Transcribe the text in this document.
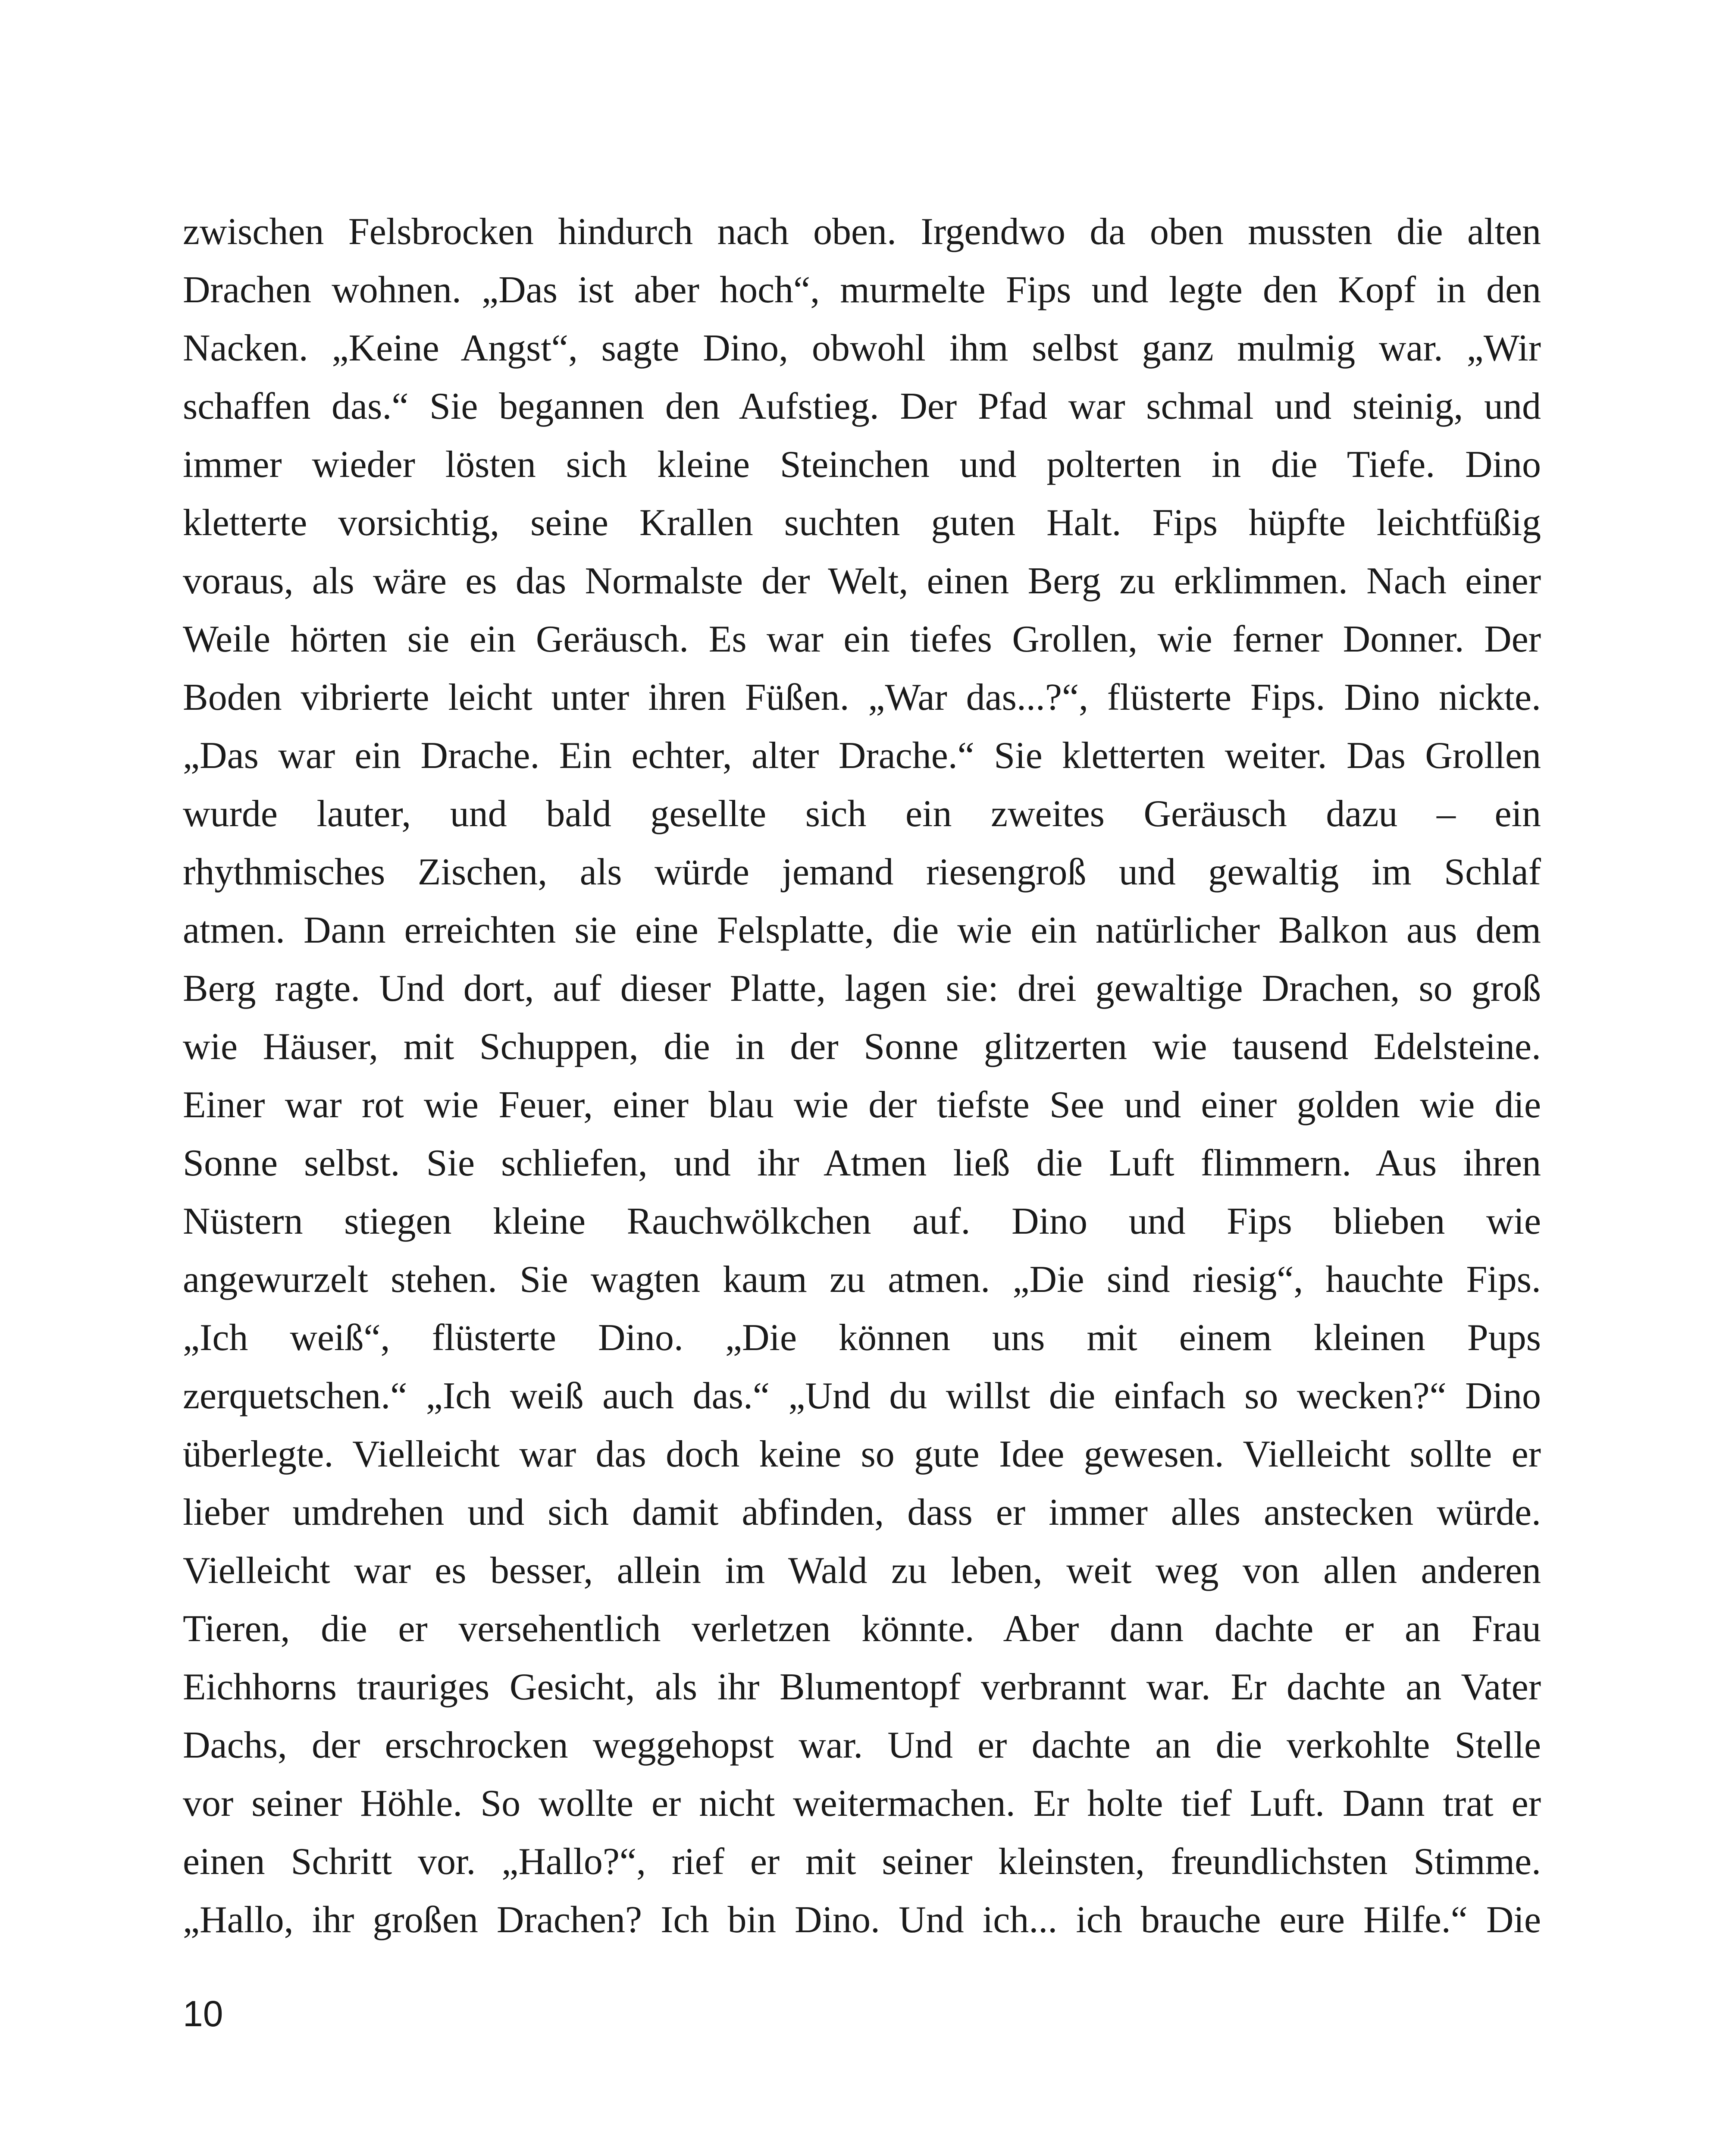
zwischen Felsbrocken hindurch nach oben. Irgendwo da oben mussten die alten
Drachen wohnen. „Das ist aber hoch“, murmelte Fips und legte den Kopf in den
Nacken. „Keine Angst“, sagte Dino, obwohl ihm selbst ganz mulmig war. „Wir
schaffen das.“ Sie begannen den Aufstieg. Der Pfad war schmal und steinig, und
immer wieder lösten sich kleine Steinchen und polterten in die Tiefe. Dino
kletterte vorsichtig, seine Krallen suchten guten Halt. Fips hüpfte leichtfüßig
voraus, als wäre es das Normalste der Welt, einen Berg zu erklimmen. Nach einer
Weile hörten sie ein Geräusch. Es war ein tiefes Grollen, wie ferner Donner. Der
Boden vibrierte leicht unter ihren Füßen. „War das...?“, flüsterte Fips. Dino nickte.
„Das war ein Drache. Ein echter, alter Drache.“ Sie kletterten weiter. Das Grollen
wurde lauter, und bald gesellte sich ein zweites Geräusch dazu – ein
rhythmisches Zischen, als würde jemand riesengroß und gewaltig im Schlaf
atmen. Dann erreichten sie eine Felsplatte, die wie ein natürlicher Balkon aus dem
Berg ragte. Und dort, auf dieser Platte, lagen sie: drei gewaltige Drachen, so groß
wie Häuser, mit Schuppen, die in der Sonne glitzerten wie tausend Edelsteine.
Einer war rot wie Feuer, einer blau wie der tiefste See und einer golden wie die
Sonne selbst. Sie schliefen, und ihr Atmen ließ die Luft flimmern. Aus ihren
Nüstern stiegen kleine Rauchwölkchen auf. Dino und Fips blieben wie
angewurzelt stehen. Sie wagten kaum zu atmen. „Die sind riesig“, hauchte Fips.
„Ich weiß“, flüsterte Dino. „Die können uns mit einem kleinen Pups
zerquetschen.“ „Ich weiß auch das.“ „Und du willst die einfach so wecken?“ Dino
überlegte. Vielleicht war das doch keine so gute Idee gewesen. Vielleicht sollte er
lieber umdrehen und sich damit abfinden, dass er immer alles anstecken würde.
Vielleicht war es besser, allein im Wald zu leben, weit weg von allen anderen
Tieren, die er versehentlich verletzen könnte. Aber dann dachte er an Frau
Eichhorns trauriges Gesicht, als ihr Blumentopf verbrannt war. Er dachte an Vater
Dachs, der erschrocken weggehopst war. Und er dachte an die verkohlte Stelle
vor seiner Höhle. So wollte er nicht weitermachen. Er holte tief Luft. Dann trat er
einen Schritt vor. „Hallo?“, rief er mit seiner kleinsten, freundlichsten Stimme.
„Hallo, ihr großen Drachen? Ich bin Dino. Und ich... ich brauche eure Hilfe.“ Die
10
